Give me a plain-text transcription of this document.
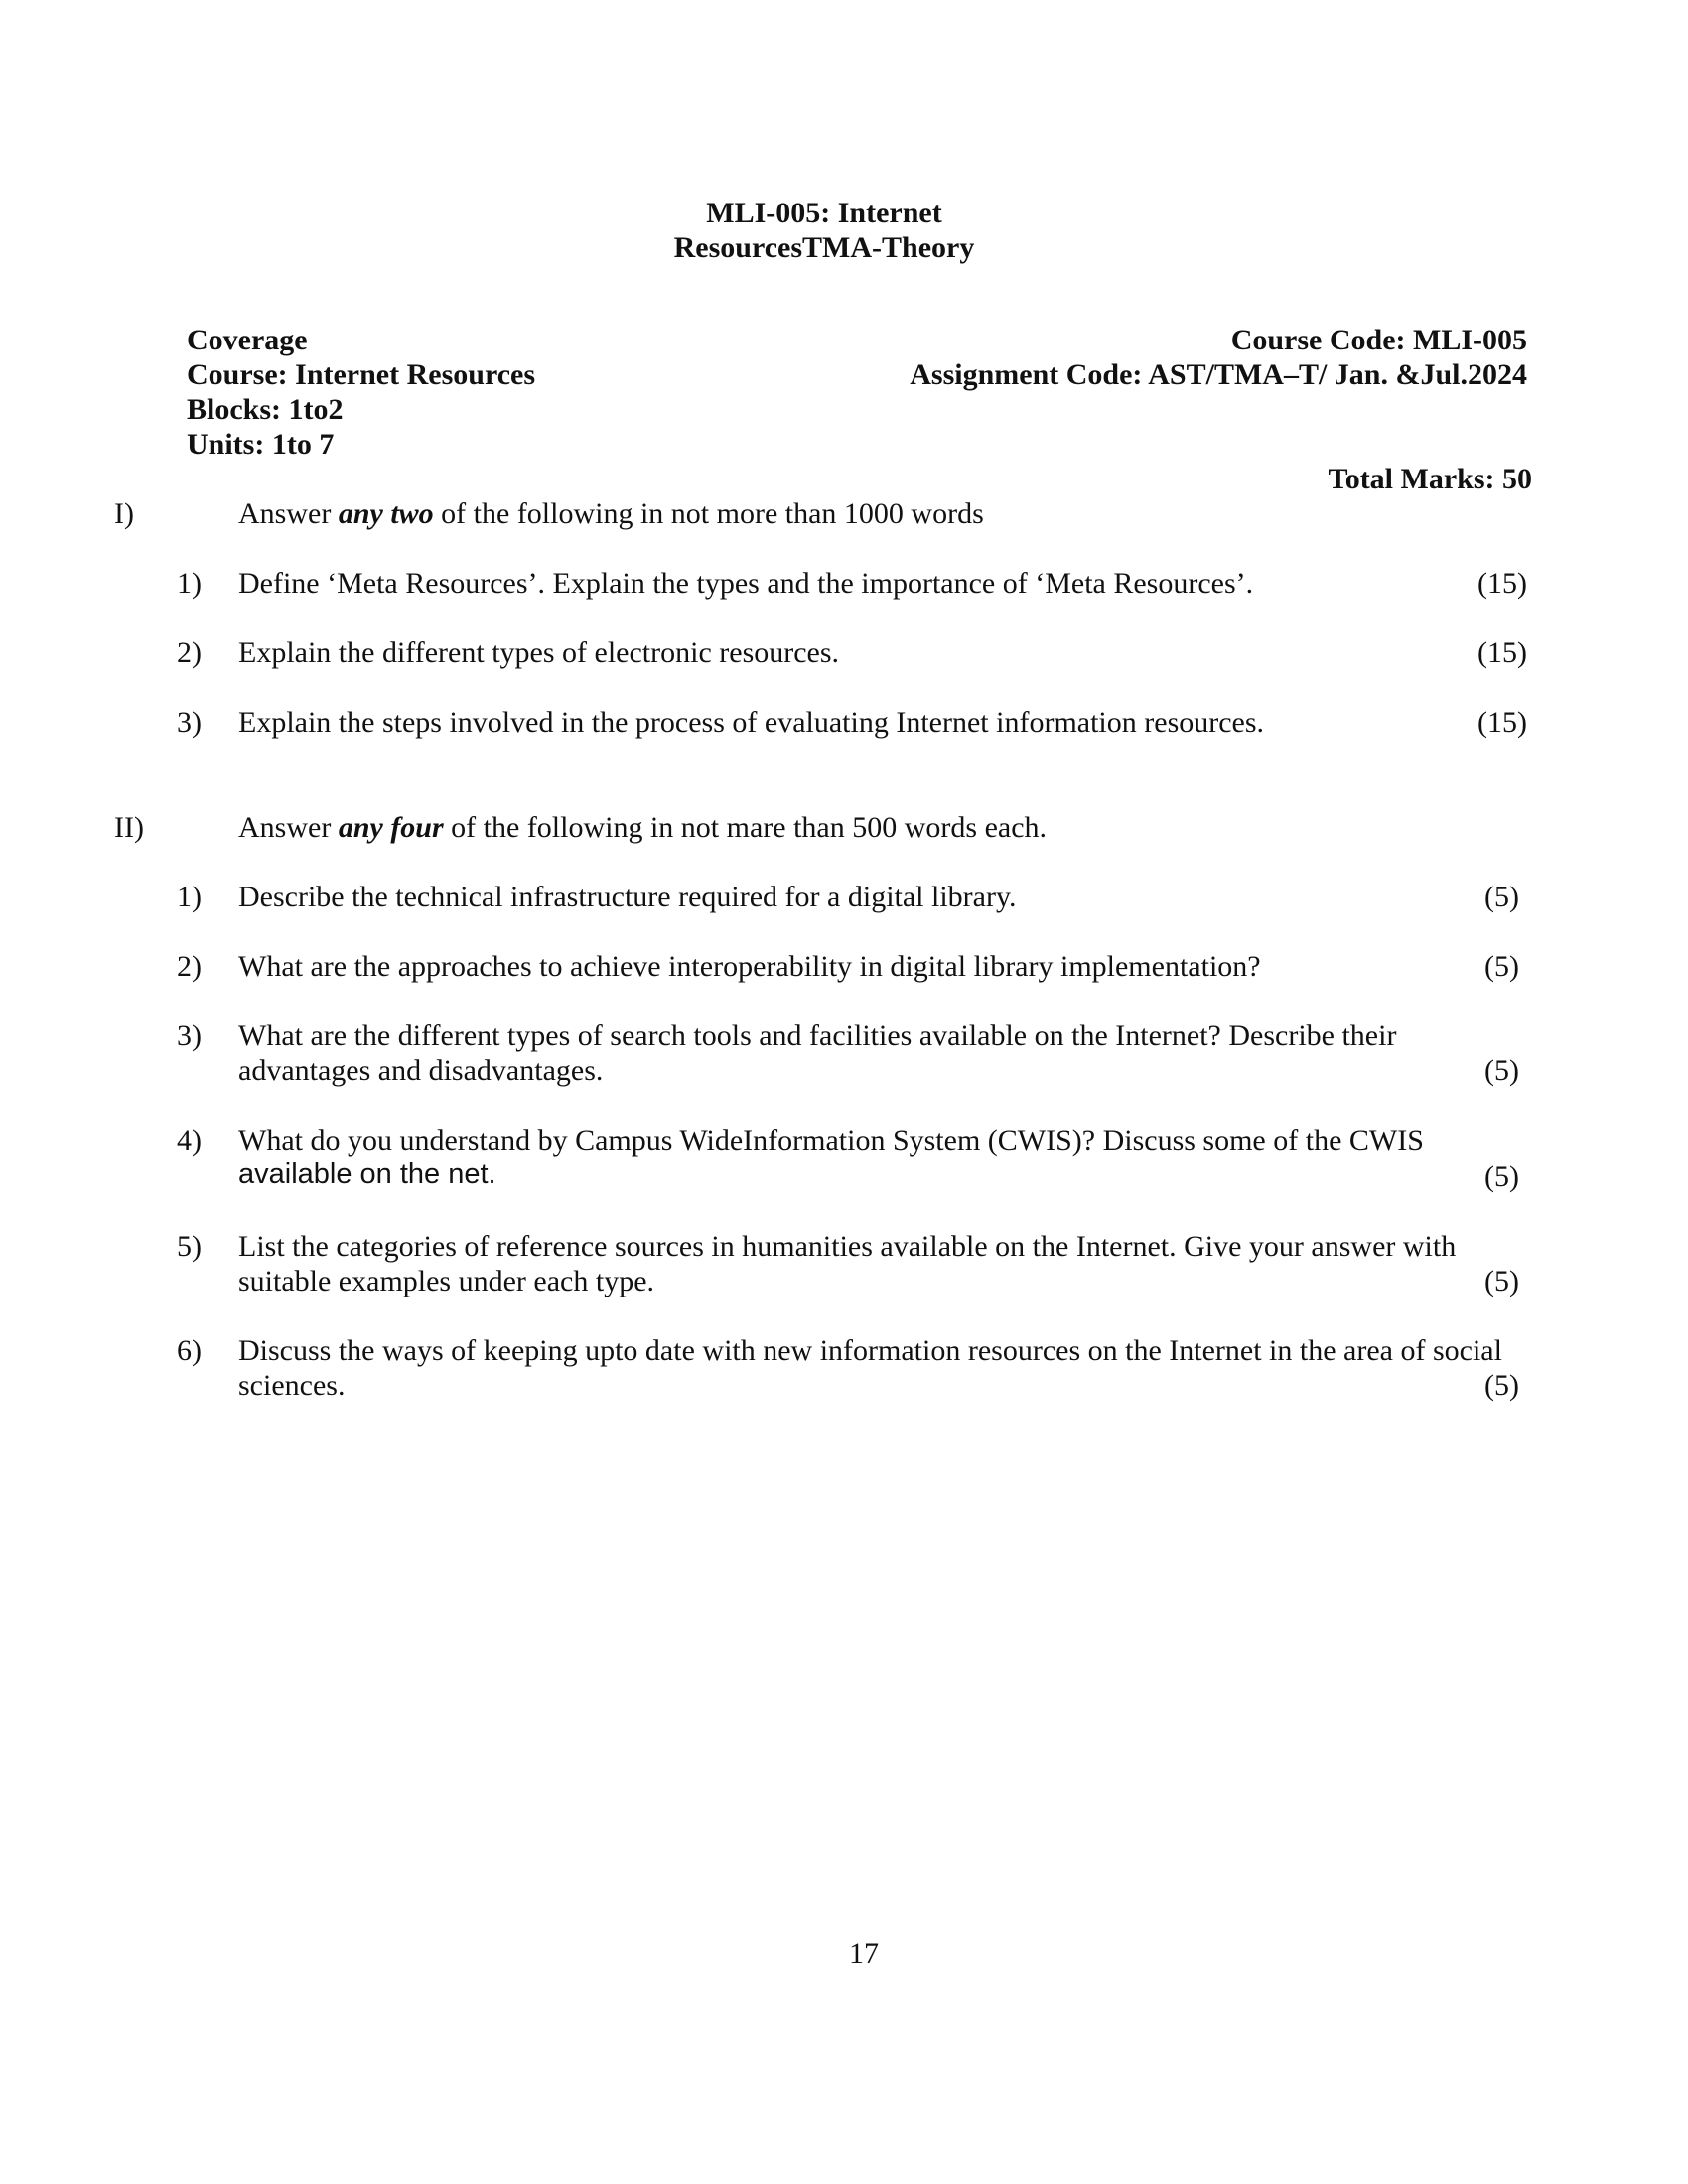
MLI-005: Internet
ResourcesTMA-Theory
Coverage
Course: Internet Resources
Blocks: 1to2
Units: 1to 7
Course Code: MLI-005
Assignment Code: AST/TMA–T/ Jan. &Jul.2024
Total Marks: 50
I)	Answer any two of the following in not more than 1000 words
1) Define ‘Meta Resources’. Explain the types and the importance of ‘Meta Resources’.	(15)
2) Explain the different types of electronic resources.	(15)
3) Explain the steps involved in the process of evaluating Internet information resources.	(15)
II)	Answer any four of the following in not mare than 500 words each.
1) Describe the technical infrastructure required for a digital library.	(5)
2) What are the approaches to achieve interoperability in digital library implementation?	(5)
3) What are the different types of search tools and facilities available on the Internet? Describe their
advantages and disadvantages.	(5)
4) What do you understand by Campus WideInformation System (CWIS)? Discuss some of the CWIS
available on the net.	(5)
5) List the categories of reference sources in humanities available on the Internet. Give your answer with
suitable examples under each type.	(5)
6) Discuss the ways of keeping upto date with new information resources on the Internet in the area of social
sciences.	(5)
17
